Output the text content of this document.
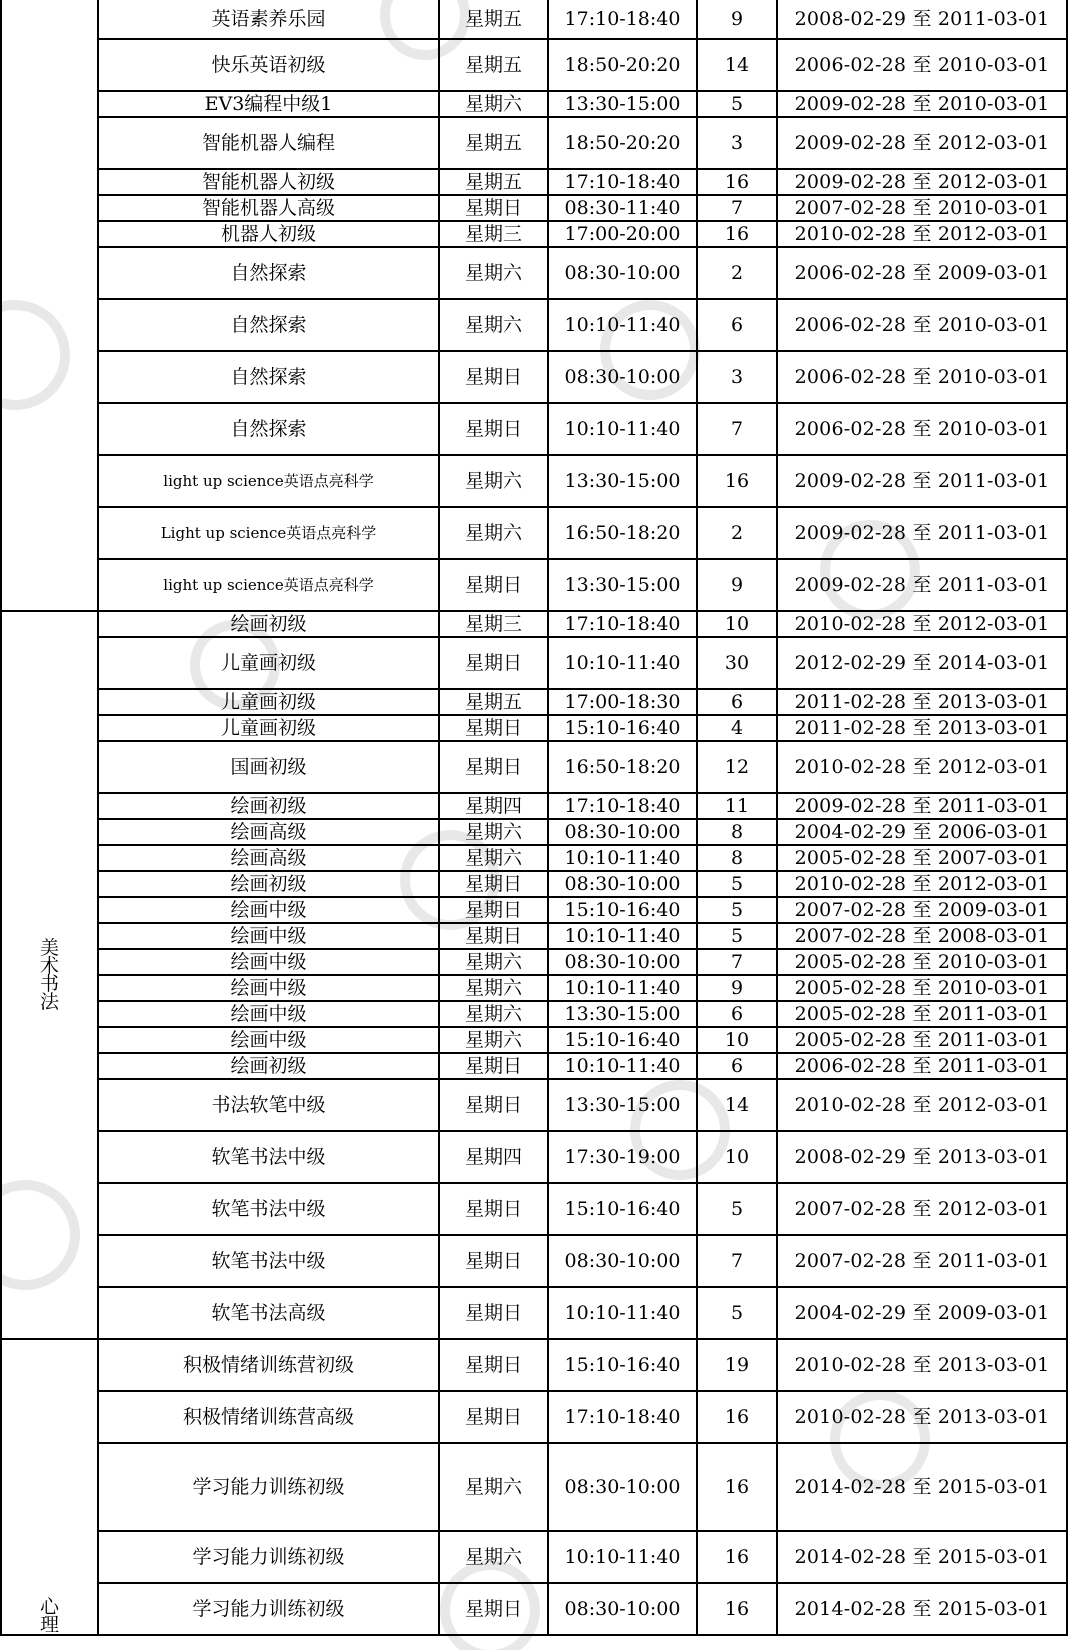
	英语素养乐园	星期五	17:10-18:40	9	2008-02-29 至 2011-03-01
	快乐英语初级	星期五	18:50-20:20	14	2006-02-28 至 2010-03-01
	EV3编程中级1	星期六	13:30-15:00	5	2009-02-28 至 2010-03-01
	智能机器人编程	星期五	18:50-20:20	3	2009-02-28 至 2012-03-01
	智能机器人初级	星期五	17:10-18:40	16	2009-02-28 至 2012-03-01
	智能机器人高级	星期日	08:30-11:40	7	2007-02-28 至 2010-03-01
	机器人初级	星期三	17:00-20:00	16	2010-02-28 至 2012-03-01
	自然探索	星期六	08:30-10:00	2	2006-02-28 至 2009-03-01
	自然探索	星期六	10:10-11:40	6	2006-02-28 至 2010-03-01
	自然探索	星期日	08:30-10:00	3	2006-02-28 至 2010-03-01
	自然探索	星期日	10:10-11:40	7	2006-02-28 至 2010-03-01
	light up science英语点亮科学	星期六	13:30-15:00	16	2009-02-28 至 2011-03-01
	Light up science英语点亮科学	星期六	16:50-18:20	2	2009-02-28 至 2011-03-01
	light up science英语点亮科学	星期日	13:30-15:00	9	2009-02-28 至 2011-03-01
美术书法	绘画初级	星期三	17:10-18:40	10	2010-02-28 至 2012-03-01
	儿童画初级	星期日	10:10-11:40	30	2012-02-29 至 2014-03-01
	儿童画初级	星期五	17:00-18:30	6	2011-02-28 至 2013-03-01
	儿童画初级	星期日	15:10-16:40	4	2011-02-28 至 2013-03-01
	国画初级	星期日	16:50-18:20	12	2010-02-28 至 2012-03-01
	绘画初级	星期四	17:10-18:40	11	2009-02-28 至 2011-03-01
	绘画高级	星期六	08:30-10:00	8	2004-02-29 至 2006-03-01
	绘画高级	星期六	10:10-11:40	8	2005-02-28 至 2007-03-01
	绘画初级	星期日	08:30-10:00	5	2010-02-28 至 2012-03-01
	绘画中级	星期日	15:10-16:40	5	2007-02-28 至 2009-03-01
	绘画中级	星期日	10:10-11:40	5	2007-02-28 至 2008-03-01
	绘画中级	星期六	08:30-10:00	7	2005-02-28 至 2010-03-01
	绘画中级	星期六	10:10-11:40	9	2005-02-28 至 2010-03-01
	绘画中级	星期六	13:30-15:00	6	2005-02-28 至 2011-03-01
	绘画中级	星期六	15:10-16:40	10	2005-02-28 至 2011-03-01
	绘画初级	星期日	10:10-11:40	6	2006-02-28 至 2011-03-01
	书法软笔中级	星期日	13:30-15:00	14	2010-02-28 至 2012-03-01
	软笔书法中级	星期四	17:30-19:00	10	2008-02-29 至 2013-03-01
	软笔书法中级	星期日	15:10-16:40	5	2007-02-28 至 2012-03-01
	软笔书法中级	星期日	08:30-10:00	7	2007-02-28 至 2011-03-01
	软笔书法高级	星期日	10:10-11:40	5	2004-02-29 至 2009-03-01
心理	积极情绪训练营初级	星期日	15:10-16:40	19	2010-02-28 至 2013-03-01
	积极情绪训练营高级	星期日	17:10-18:40	16	2010-02-28 至 2013-03-01
	学习能力训练初级	星期六	08:30-10:00	16	2014-02-28 至 2015-03-01
	学习能力训练初级	星期六	10:10-11:40	16	2014-02-28 至 2015-03-01
	学习能力训练初级	星期日	08:30-10:00	16	2014-02-28 至 2015-03-01
